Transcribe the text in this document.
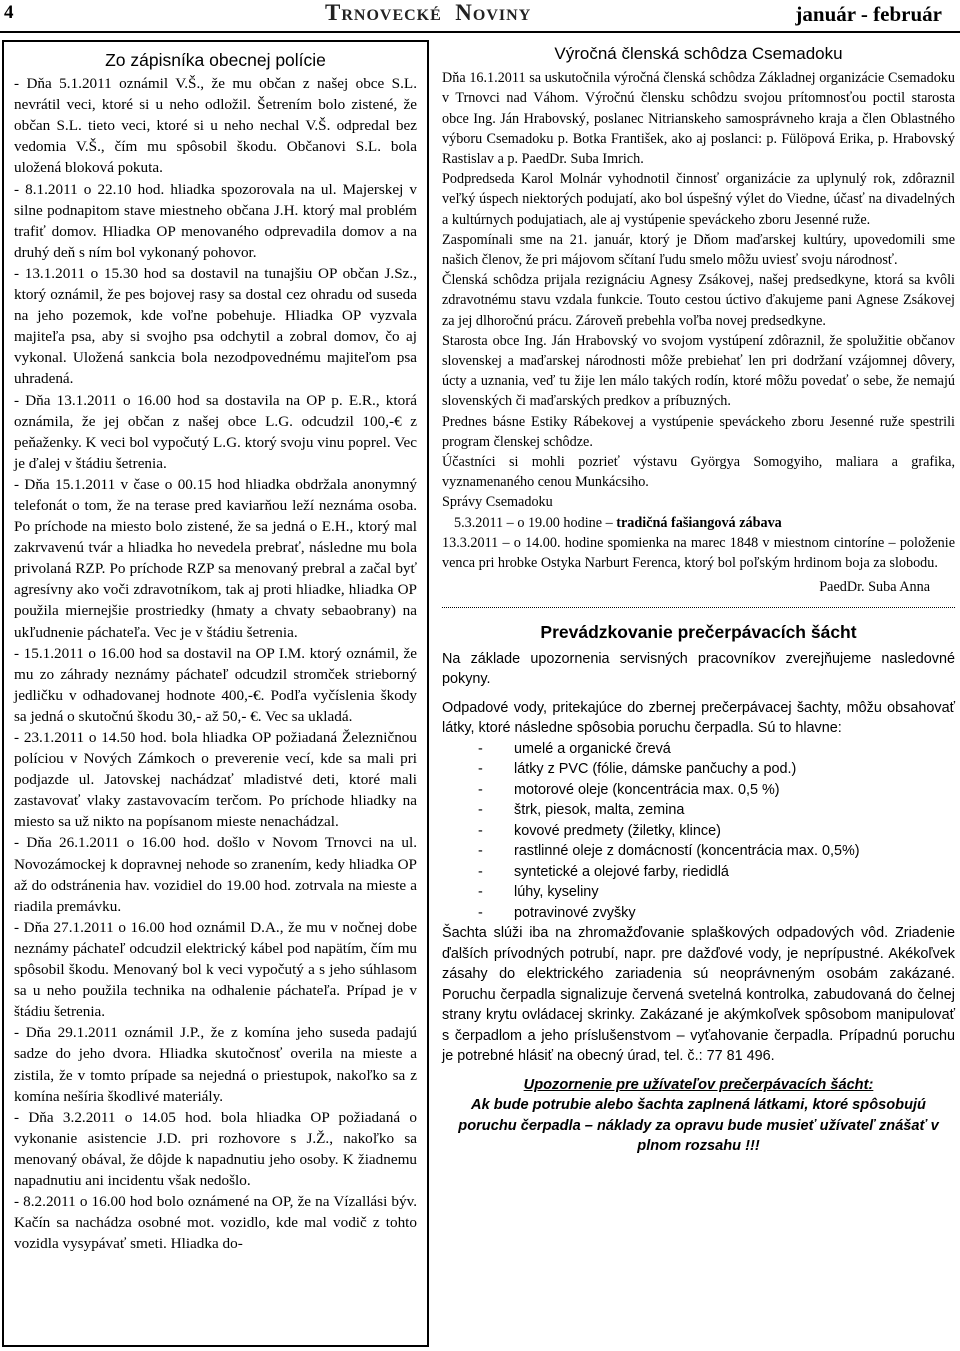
4	Trnovecké Noviny	január - február
Zo zápisníka obecnej polície

- Dňa 5.1.2011 oznámil V.Š., že mu občan z našej obce S.L. nevrátil veci, ktoré si u neho odložil. Šetrením bolo zistené, že občan S.L. tieto veci, ktoré si u neho nechal V.Š. odpredal bez vedomia V.Š., čím mu spôsobil škodu. Občanovi S.L. bola uložená bloková pokuta.

- 8.1.2011 o 22.10 hod. hliadka spozorovala na ul. Majerskej v silne podnapitom stave miestneho občana J.H. ktorý mal problém trafiť domov. Hliadka OP menovaného odprevadila domov a na druhý deň s ním bol vykonaný pohovor.

- 13.1.2011 o 15.30 hod sa dostavil na tunajšiu OP občan J.Sz., ktorý oznámil, že pes bojovej rasy sa dostal cez ohradu od suseda na jeho pozemok, kde voľne pobehuje. Hliadka OP vyzvala majiteľa psa, aby si svojho psa odchytil a zobral domov, čo aj vykonal. Uložená sankcia bola nezodpovednému majiteľom psa uhradená.

- Dňa 13.1.2011 o 16.00 hod sa dostavila na OP p. E.R., ktorá oznámila, že jej občan z našej obce L.G. odcudzil 100,-€ z peňaženky. K veci bol vypočutý L.G. ktorý svoju vinu poprel. Vec je ďalej v štádiu šetrenia.

- Dňa 15.1.2011 v čase o 00.15 hod hliadka obdržala anonymný telefonát o tom, že na terase pred kaviarňou leží neznáma osoba. Po príchode na miesto bolo zistené, že sa jedná o E.H., ktorý mal zakrvavenú tvár a hliadka ho nevedela prebrať, následne mu bola privolaná RZP. Po príchode RZP sa menovaný prebral a začal byť agresívny ako voči zdravotníkom, tak aj proti hliadke, hliadka OP použila miernejšie prostriedky (hmaty a chvaty sebaobrany) na ukľudnenie páchateľa. Vec je v štádiu šetrenia.

- 15.1.2011 o 16.00 hod sa dostavil na OP I.M. ktorý oznámil, že mu zo záhrady neznámy páchateľ odcudzil stromček strieborný jedličku v odhadovanej hodnote 400,-€. Podľa vyčíslenia škody sa jedná o skutočnú škodu 30,- až 50,- €. Vec sa ukladá.

- 23.1.2011 o 14.50 hod. bola hliadka OP požiadaná Železničnou políciou v Nových Zámkoch o preverenie vecí, kde sa mali pri podjazde ul. Jatovskej nachádzať mladistvé deti, ktoré mali zastavovať vlaky zastavovacím terčom. Po príchode hliadky na miesto sa už nikto na popísanom mieste nenachádzal.

- Dňa 26.1.2011 o 16.00 hod. došlo v Novom Trnovci na ul. Novozámockej k dopravnej nehode so zranením, kedy hliadka OP až do odstránenia hav. vozidiel do 19.00 hod. zotrvala na mieste a riadila premávku.

- Dňa 27.1.2011 o 16.00 hod oznámil D.A., že mu v nočnej dobe neznámy páchateľ odcudzil elektrický kábel pod napätím, čím mu spôsobil škodu. Menovaný bol k veci vypočutý a s jeho súhlasom sa u neho použila technika na odhalenie páchateľa. Prípad je v štádiu šetrenia.

- Dňa 29.1.2011 oznámil J.P., že z komína jeho suseda padajú sadze do jeho dvora. Hliadka skutočnosť overila na mieste a zistila, že v tomto prípade sa nejedná o priestupok, nakoľko sa z komína nešíria škodlivé materiály.

- Dňa 3.2.2011 o 14.05 hod. bola hliadka OP požiadaná o vykonanie asistencie J.D. pri rozhovore s J.Ž., nakoľko sa menovaný obával, že dôjde k napadnutiu jeho osoby. K žiadnemu napadnutiu ani incidentu však nedošlo.

- 8.2.2011 o 16.00 hod bolo oznámené na OP, že na Vízallási býv. Kačín sa nachádza osobné mot. vozidlo, kde mal vodič z tohto vozidla vysypávať smeti. Hliadka do-

Výročná členská schôdza Csemadoku

Dňa 16.1.2011 sa uskutočnila výročná členská schôdza Základnej organizácie Csemadoku v Trnovci nad Váhom. Výročnú člensku schôdzu svojou prítomnosťou poctil starosta obce Ing. Ján Hrabovský, poslanec Nitrianskeho samosprávneho kraja a člen Oblastného výboru Csemadoku p. Botka František, ako aj poslanci: p. Fülöpová Erika, p. Hrabovský Rastislav a p. PaedDr. Suba Imrich.

Podpredseda Karol Molnár vyhodnotil činnosť organizácie za uplynulý rok, zdôraznil veľký úspech niektorých podujatí, ako bol úspešný výlet do Viedne, účasť na divadelných a kultúrnych podujatiach, ale aj vystúpenie speváckeho zboru Jesenné ruže.

Zaspomínali sme na 21. január, ktorý je Dňom maďarskej kultúry, upovedomili sme našich členov, že pri májovom sčítaní ľudu smelo môžu uviesť svoju národnosť.

Členská schôdza prijala rezignáciu Agnesy Zsákovej, našej predsedkyne, ktorá sa kvôli zdravotnému stavu vzdala funkcie. Touto cestou úctivo ďakujeme pani Agnese Zsákovej za jej dlhoročnú prácu. Zároveň prebehla voľba novej predsedkyne.

Starosta obce Ing. Ján Hrabovský vo svojom vystúpení zdôraznil, že spolužitie občanov slovenskej a maďarskej národnosti môže prebiehať len pri dodržaní vzájomnej dôvery, úcty a uznania, veď tu žije len málo takých rodín, ktoré môžu povedať o sebe, že nemajú slovenských či maďarských predkov a príbuzných.

Prednes básne Estiky Rábekovej a vystúpenie speváckeho zboru Jesenné ruže spestrili program členskej schôdze.

Účastníci si mohli pozrieť výstavu Györgya Somogyiho, maliara a grafika, vyznamenaného cenou Munkácsiho.

Správy Csemadoku

5.3.2011 – o 19.00 hodine – tradičná fašiangová zábava

13.3.2011 – o 14.00. hodine spomienka na marec 1848 v miestnom cintoríne – položenie venca pri hrobke Ostyka Narburt Ferenca, ktorý bol poľským hrdinom boja za slobodu.

PaedDr. Suba Anna

Prevádzkovanie prečerpávacích šácht

Na základe upozornenia servisných pracovníkov zverejňujeme nasledovné pokyny.

Odpadové vody, pritekajúce do zbernej prečerpávacej šachty, môžu obsahovať látky, ktoré následne spôsobia poruchu čerpadla. Sú to hlavne:

-	umelé a organické črevá
-	látky z PVC (fólie, dámske pančuchy a pod.)
-	motorové oleje (koncentrácia max. 0,5 %)
-	štrk, piesok, malta, zemina
-	kovové predmety (žiletky, klince)
-	rastlinné oleje z domácností (koncentrácia max. 0,5%)
-	syntetické a olejové farby, riedidlá
-	lúhy, kyseliny
-	potravinové zvyšky

Šachta slúži iba na zhromažďovanie splaškových odpadových vôd. Zriadenie ďalších prívodných potrubí, napr. pre dažďové vody, je neprípustné. Akékoľvek zásahy do elektrického zariadenia sú neoprávneným osobám zakázané. Poruchu čerpadla signalizuje červená svetelná kontrolka, zabudovaná do čelnej strany krytu ovládacej skrinky. Zakázané je akýmkoľvek spôsobom manipulovať s čerpadlom a jeho príslušenstvom – vyťahovanie čerpadla. Prípadnú poruchu je potrebné hlásiť na obecný úrad, tel. č.: 77 81 496.

Upozornenie pre užívateľov prečerpávacích šácht:
Ak bude potrubie alebo šachta zaplnená látkami, ktoré spôsobujú poruchu čerpadla – náklady za opravu bude musieť užívateľ znášať v plnom rozsahu !!!
